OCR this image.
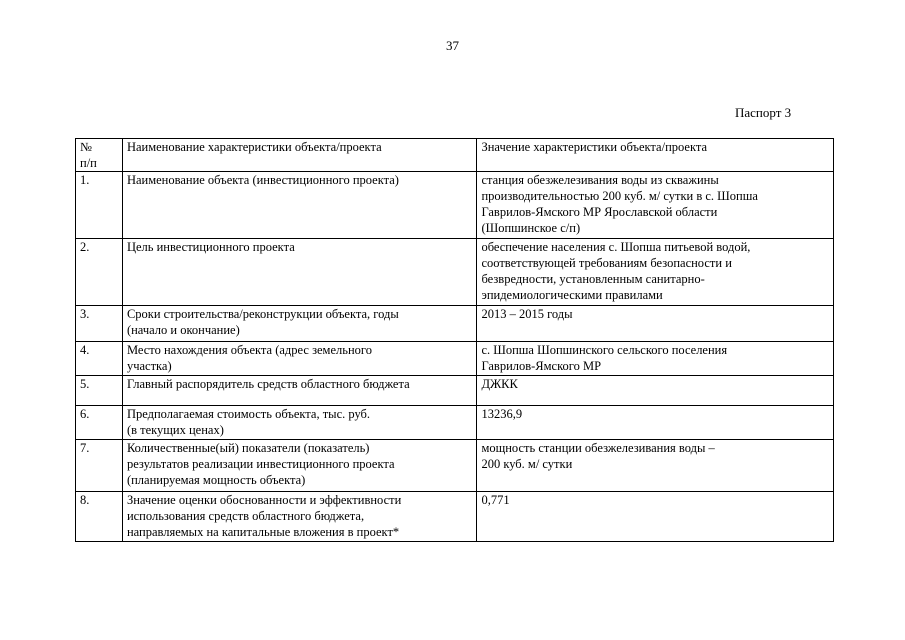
37
Паспорт 3
№
п/п	Наименование характеристики объекта/проекта	Значение характеристики объекта/проекта
1.	Наименование объекта (инвестиционного проекта)	станция обезжелезивания воды из скважины
производительностью 200 куб. м/ сутки в с. Шопша
Гаврилов-Ямского МР Ярославской области
(Шопшинское с/п)

2.	Цель инвестиционного проекта	обеспечение населения с. Шопша питьевой водой,
соответствующей требованиям безопасности и
безвредности, установленным санитарно-
эпидемиологическими правилами

3.	Сроки строительства/реконструкции объекта, годы
(начало и окончание)	2013 – 2015 годы

4.	Место нахождения объекта (адрес земельного
участка)	с. Шопша Шопшинского сельского поселения
Гаврилов-Ямского МР

5.	Главный распорядитель средств областного бюджета	ДЖКК

6.	Предполагаемая стоимость объекта, тыс. руб.
(в текущих ценах)	13236,9

7.	Количественные(ый) показатели (показатель)
результатов реализации инвестиционного проекта
(планируемая мощность объекта)	мощность станции обезжелезивания воды –
200 куб. м/ сутки

8.	Значение оценки обоснованности и эффективности
использования средств областного бюджета,
направляемых на капитальные вложения в проект*	0,771
